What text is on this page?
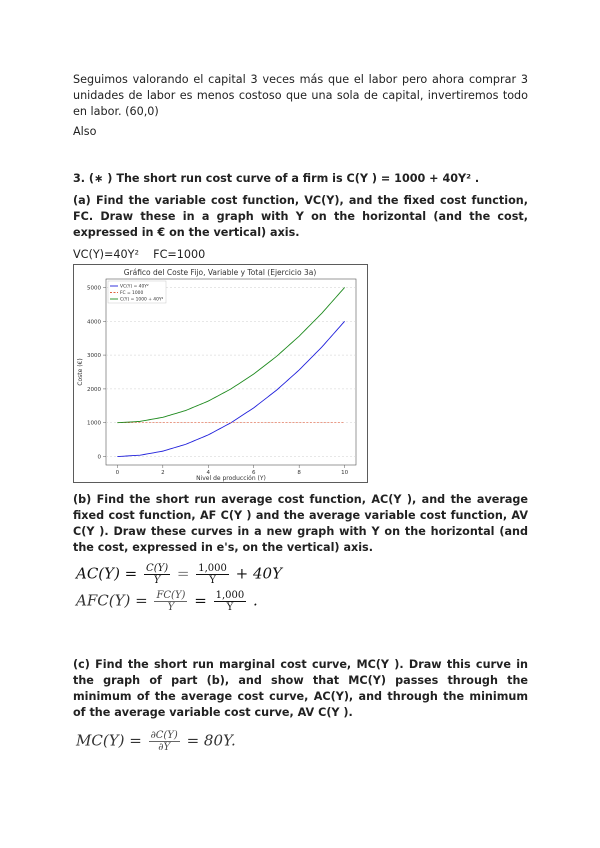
Seguimos valorando el capital 3 veces más que el labor pero ahora comprar 3 unidades de labor es menos costoso que una sola de capital, invertiremos todo en labor. (60,0)
Also
3. (∗ ) The short run cost curve of a firm is C(Y ) = 1000 + 40Y² .
(a) Find the variable cost function, VC(Y), and the fixed cost function, FC. Draw these in a graph with Y on the horizontal (and the cost, expressed in € on the vertical) axis.
VC(Y)=40Y²    FC=1000
Gráfico del Coste Fijo, Variable y Total (Ejercicio 3a)
0
1000
2000
3000
4000
5000
0	2	4	6	8	10
Coste (€)
Nivel de producción (Y)
VC(Y) = 40Y²
FC = 1000
C(Y) = 1000 + 40Y²
(b) Find the short run average cost function, AC(Y ), and the average fixed cost function, AF C(Y ) and the average variable cost function, AV C(Y ). Draw these curves in a new graph with Y on the horizontal (and the cost, expressed in e's, on the vertical) axis.
$AC(Y) = \frac{C(Y)}{Y} = \frac{1,000}{Y} + 40Y$
$AFC(Y) = \frac{FC(Y)}{Y} = \frac{1,000}{Y}$ .
(c) Find the short run marginal cost curve, MC(Y ). Draw this curve in the graph of part (b), and show that MC(Y) passes through the minimum of the average cost curve, AC(Y), and through the minimum of the average variable cost curve, AV C(Y ).
$MC(Y) = \frac{\partial C(Y)}{\partial Y} = 80Y$.
